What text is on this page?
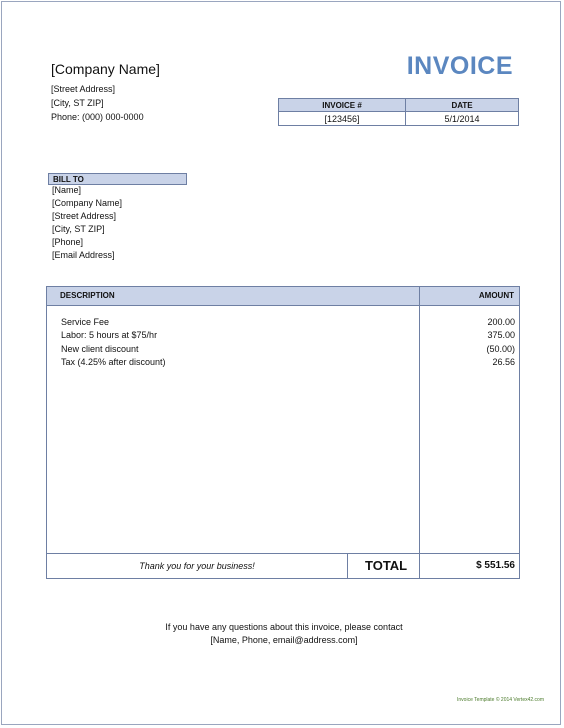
[Company Name]
[Street Address]
[City, ST ZIP]
Phone: (000) 000-0000
INVOICE
INVOICE #	DATE
[123456]	5/1/2014
BILL TO
[Name]
[Company Name]
[Street Address]
[City, ST ZIP]
[Phone]
[Email Address]
DESCRIPTION	AMOUNT
Service Fee	200.00
Labor: 5 hours at $75/hr	375.00
New client discount	(50.00)
Tax (4.25% after discount)	26.56
Thank you for your business!	TOTAL	$ 551.56
If you have any questions about this invoice, please contact
[Name, Phone, email@address.com]
Invoice Template © 2014 Vertex42.com
